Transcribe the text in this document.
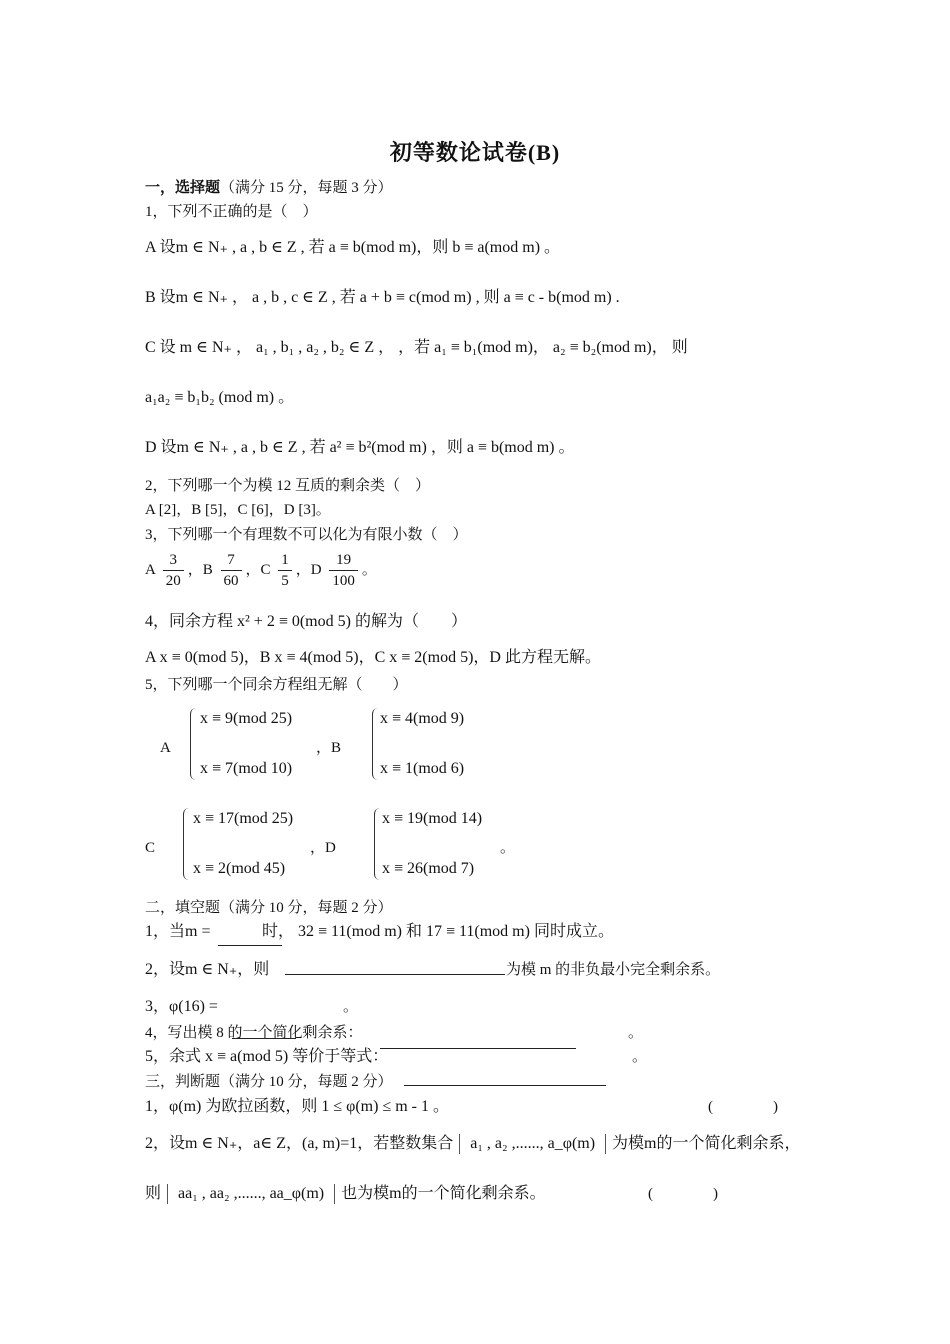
初等数论试卷(B)
一，选择题（满分 15 分，每题 3 分）
1，下列不正确的是（　）
A 设m ∈ N₊ , a , b ∈ Z , 若 a ≡ b(mod m)，则 b ≡ a(mod m) 。
B 设m ∈ N₊ ， a , b , c ∈ Z , 若 a + b ≡ c(mod m) , 则 a ≡ c - b(mod m) .
C 设 m ∈ N₊ ， a₁ , b₁ , a₂ , b₂ ∈ Z ， ，若 a₁ ≡ b₁(mod m)， a₂ ≡ b₂(mod m)， 则
a₁a₂ ≡ b₁b₂ (mod m) 。
D 设m ∈ N₊ , a , b ∈ Z , 若 a² ≡ b²(mod m) ，则 a ≡ b(mod m) 。
2，下列哪一个为模 12 互质的剩余类（　）
A [2]，B [5]，C [6]，D [3]。
3，下列哪一个有理数不可以化为有限小数（　）
A $\frac{3}{20}$ ，B $\frac{7}{60}$ ，C $\frac{1}{5}$ ，D $\frac{19}{100}$ 。
4，同余方程 x² + 2 ≡ 0(mod 5) 的解为（　　）
A x ≡ 0(mod 5)，B x ≡ 4(mod 5)，C x ≡ 2(mod 5)，D 此方程无解。
5，下列哪一个同余方程组无解（　　）
A
x ≡ 9(mod 25)
x ≡ 7(mod 10)
，B
x ≡ 4(mod 9)
x ≡ 1(mod 6)
C
x ≡ 17(mod 25)
x ≡ 2(mod 45)
，D
x ≡ 19(mod 14)
x ≡ 26(mod 7)
。
二，填空题（满分 10 分，每题 2 分）
1，当m =	时， 32 ≡ 11(mod m) 和 17 ≡ 11(mod m) 同时成立。
2，设m ∈ N₊，则	为模 m 的非负最小完全剩余系。
3，φ(16) =	。
4，写出模 8 的一个简化剩余系：	。
5，余式 x ≡ a(mod 5) 等价于等式：	。
三，判断题（满分 10 分，每题 2 分）
1，φ(m) 为欧拉函数，则 1 ≤ φ(m) ≤ m - 1 。	(　　　　)
2，设m ∈ N₊，a∈ Z，(a, m)=1，若整数集合 a₁ , a₂ ,......, a_φ(m) 为模m的一个简化剩余系，
则 aa₁ , aa₂ ,......, aa_φ(m) 也为模m的一个简化剩余系。	(　　　　)
